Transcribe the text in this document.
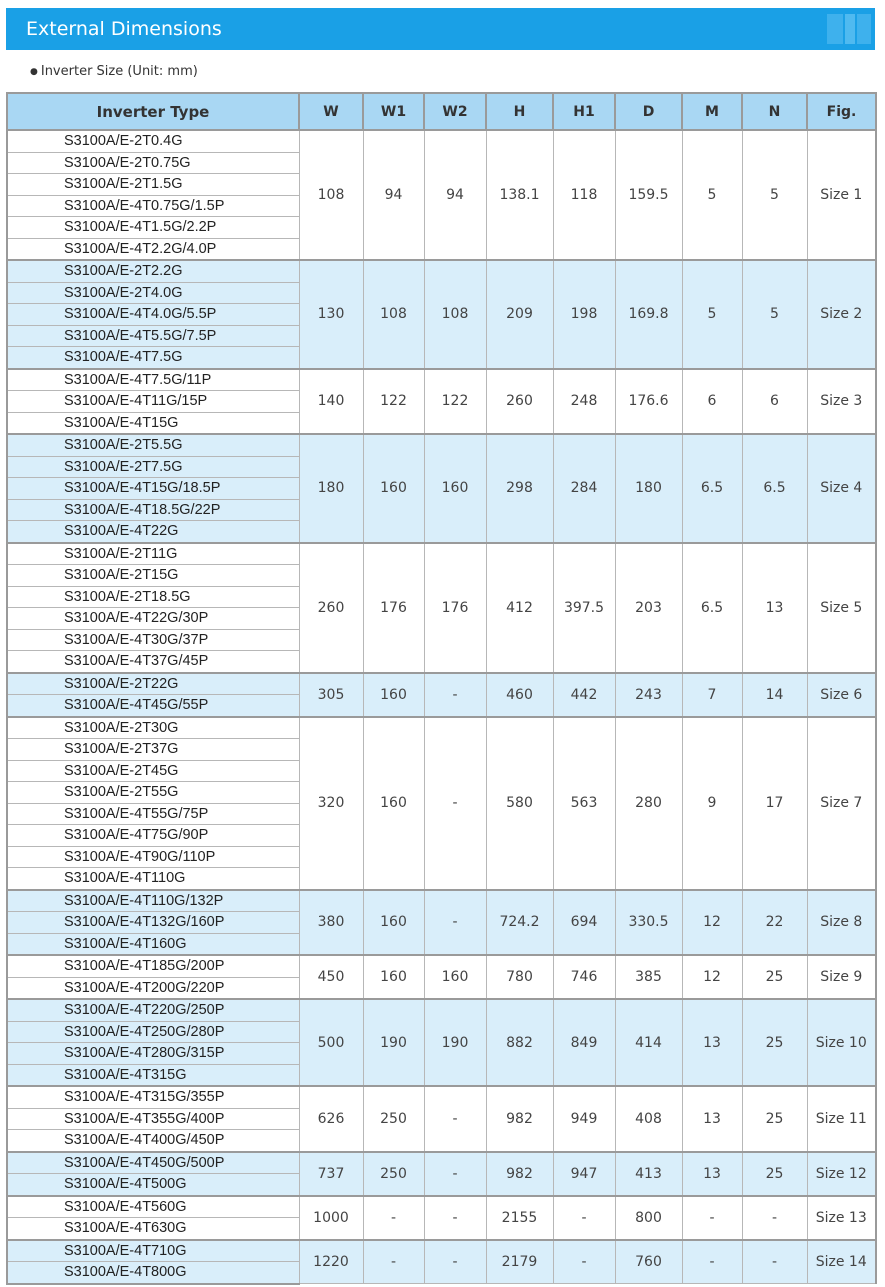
External Dimensions
● Inverter Size (Unit: mm)
Inverter Type	W	W1	W2	H	H1	D	M	N	Fig.
S3100A/E-2T0.4G	108	94	94	138.1	118	159.5	5	5	Size 1
S3100A/E-2T0.75G									
S3100A/E-2T1.5G									
S3100A/E-4T0.75G/1.5P									
S3100A/E-4T1.5G/2.2P									
S3100A/E-4T2.2G/4.0P									
S3100A/E-2T2.2G	130	108	108	209	198	169.8	5	5	Size 2
S3100A/E-2T4.0G									
S3100A/E-4T4.0G/5.5P									
S3100A/E-4T5.5G/7.5P									
S3100A/E-4T7.5G									
S3100A/E-4T7.5G/11P	140	122	122	260	248	176.6	6	6	Size 3
S3100A/E-4T11G/15P									
S3100A/E-4T15G									
S3100A/E-2T5.5G	180	160	160	298	284	180	6.5	6.5	Size 4
S3100A/E-2T7.5G									
S3100A/E-4T15G/18.5P									
S3100A/E-4T18.5G/22P									
S3100A/E-4T22G									
S3100A/E-2T11G	260	176	176	412	397.5	203	6.5	13	Size 5
S3100A/E-2T15G									
S3100A/E-2T18.5G									
S3100A/E-4T22G/30P									
S3100A/E-4T30G/37P									
S3100A/E-4T37G/45P									
S3100A/E-2T22G	305	160	-	460	442	243	7	14	Size 6
S3100A/E-4T45G/55P									
S3100A/E-2T30G	320	160	-	580	563	280	9	17	Size 7
S3100A/E-2T37G									
S3100A/E-2T45G									
S3100A/E-2T55G									
S3100A/E-4T55G/75P									
S3100A/E-4T75G/90P									
S3100A/E-4T90G/110P									
S3100A/E-4T110G									
S3100A/E-4T110G/132P	380	160	-	724.2	694	330.5	12	22	Size 8
S3100A/E-4T132G/160P									
S3100A/E-4T160G									
S3100A/E-4T185G/200P	450	160	160	780	746	385	12	25	Size 9
S3100A/E-4T200G/220P									
S3100A/E-4T220G/250P	500	190	190	882	849	414	13	25	Size 10
S3100A/E-4T250G/280P									
S3100A/E-4T280G/315P									
S3100A/E-4T315G									
S3100A/E-4T315G/355P	626	250	-	982	949	408	13	25	Size 11
S3100A/E-4T355G/400P									
S3100A/E-4T400G/450P									
S3100A/E-4T450G/500P	737	250	-	982	947	413	13	25	Size 12
S3100A/E-4T500G									
S3100A/E-4T560G	1000	-	-	2155	-	800	-	-	Size 13
S3100A/E-4T630G									
S3100A/E-4T710G	1220	-	-	2179	-	760	-	-	Size 14
S3100A/E-4T800G									
